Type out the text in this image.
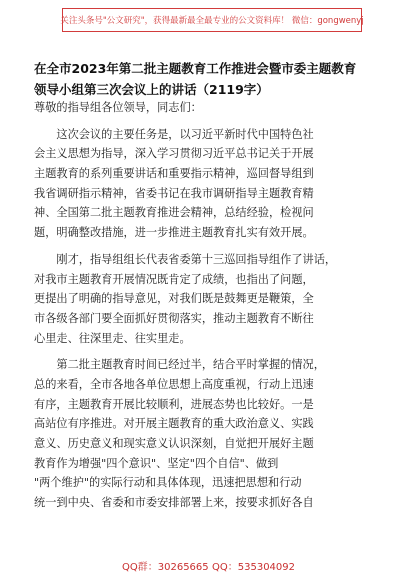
关注头条号"公文研究"，获得最新最全最专业的公文资料库！ 微信：gongwenyj
在全市2023年第二批主题教育工作推进会暨市委主题教育
领导小组第三次会议上的讲话（2119字）
尊敬的指导组各位领导，同志们：
　　这次会议的主要任务是，以习近平新时代中国特色社
会主义思想为指导，深入学习贯彻习近平总书记关于开展
主题教育的系列重要讲话和重要指示精神，巡回督导组到
我省调研指示精神，省委书记在我市调研指导主题教育精
神、全国第二批主题教育推进会精神，总结经验，检视问
题，明确整改措施，进一步推进主题教育扎实有效开展。
　　刚才，指导组组长代表省委第十三巡回指导组作了讲话，
对我市主题教育开展情况既肯定了成绩，也指出了问题，
更提出了明确的指导意见，对我们既是鼓舞更是鞭策，全
市各级各部门要全面抓好贯彻落实，推动主题教育不断往
心里走、往深里走、往实里走。
　　第二批主题教育时间已经过半，结合平时掌握的情况，
总的来看，全市各地各单位思想上高度重视，行动上迅速
有序，主题教育开展比较顺利，进展态势也比较好。一是
高站位有序推进。对开展主题教育的重大政治意义、实践
意义、历史意义和现实意义认识深刻，自觉把开展好主题
教育作为增强"四个意识"、坚定"四个自信"、做到
"两个维护"的实际行动和具体体现，迅速把思想和行动
统一到中央、省委和市委安排部署上来，按要求抓好各自
QQ群：30265665 QQ：535304092
